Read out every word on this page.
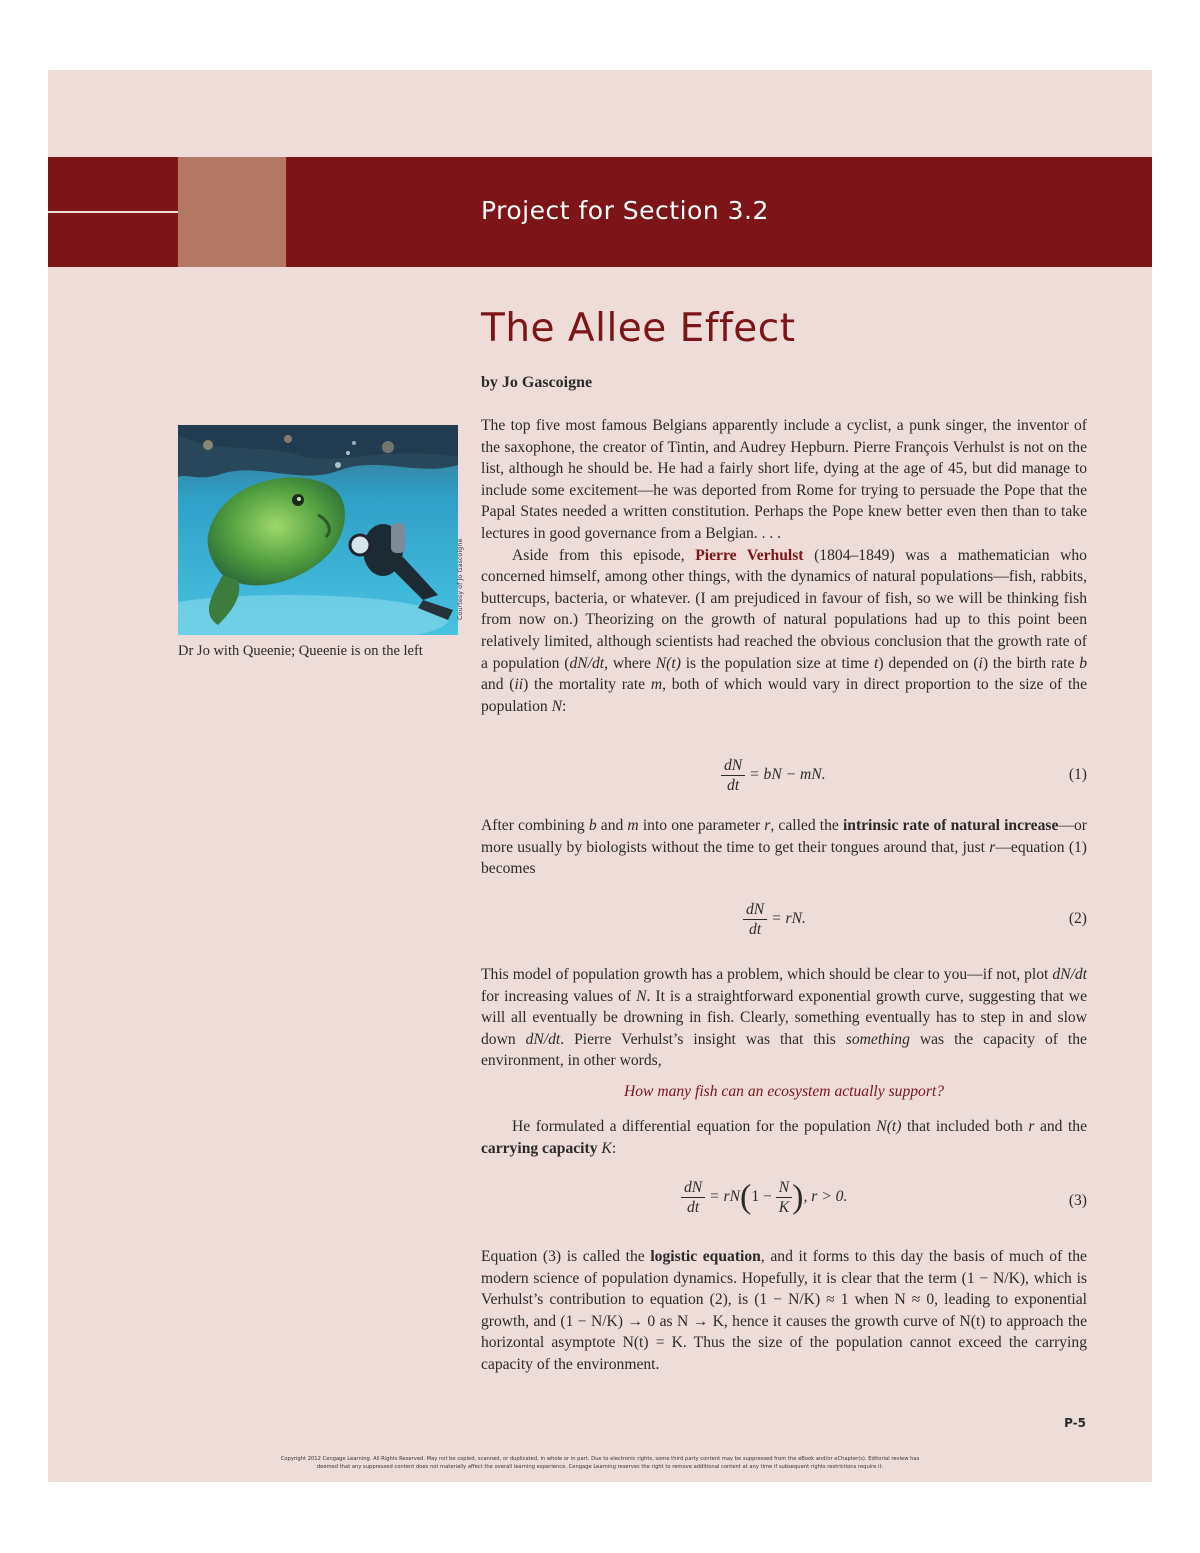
Project for Section 3.2
The Allee Effect
by Jo Gascoigne
Courtesy of Jo Gascoigne
Dr Jo with Queenie; Queenie is on the left

The top five most famous Belgians apparently include a cyclist, a punk singer, the inventor of the saxophone, the creator of Tintin, and Audrey Hepburn. Pierre François Verhulst is not on the list, although he should be. He had a fairly short life, dying at the age of 45, but did manage to include some excitement—he was deported from Rome for trying to persuade the Pope that the Papal States needed a written constitution. Perhaps the Pope knew better even then than to take lectures in good governance from a Belgian. . . .

Aside from this episode, Pierre Verhulst (1804–1849) was a mathematician who concerned himself, among other things, with the dynamics of natural populations—fish, rabbits, buttercups, bacteria, or whatever. (I am prejudiced in favour of fish, so we will be thinking fish from now on.) Theorizing on the growth of natural populations had up to this point been relatively limited, although scientists had reached the obvious conclusion that the growth rate of a population (dN/dt, where N(t) is the population size at time t) depended on (i) the birth rate b and (ii) the mortality rate m, both of which would vary in direct proportion to the size of the population N:

$\frac{dN}{dt}$ = bN − mN.	(1)

After combining b and m into one parameter r, called the intrinsic rate of natural increase—or more usually by biologists without the time to get their tongues around that, just r—equation (1) becomes

$\frac{dN}{dt}$ = rN.	(2)

This model of population growth has a problem, which should be clear to you—if not, plot dN/dt for increasing values of N. It is a straightforward exponential growth curve, suggesting that we will all eventually be drowning in fish. Clearly, something eventually has to step in and slow down dN/dt. Pierre Verhulst’s insight was that this something was the capacity of the environment, in other words,

How many fish can an ecosystem actually support?

He formulated a differential equation for the population N(t) that included both r and the carrying capacity K:

$\frac{dN}{dt} = rN(1 - \frac{N}{K}$ ), r > 0.	(3)

Equation (3) is called the logistic equation, and it forms to this day the basis of much of the modern science of population dynamics. Hopefully, it is clear that the term (1 − N/K), which is Verhulst’s contribution to equation (2), is (1 − N/K) ≈ 1 when N ≈ 0, leading to exponential growth, and (1 − N/K) → 0 as N → K, hence it causes the growth curve of N(t) to approach the horizontal asymptote N(t) = K. Thus the size of the population cannot exceed the carrying capacity of the environment.

P-5
Copyright 2012 Cengage Learning. All Rights Reserved. May not be copied, scanned, or duplicated, in whole or in part. Due to electronic rights, some third party content may be suppressed from the eBook and/or eChapter(s). Editorial review has
deemed that any suppressed content does not materially affect the overall learning experience. Cengage Learning reserves the right to remove additional content at any time if subsequent rights restrictions require it.
